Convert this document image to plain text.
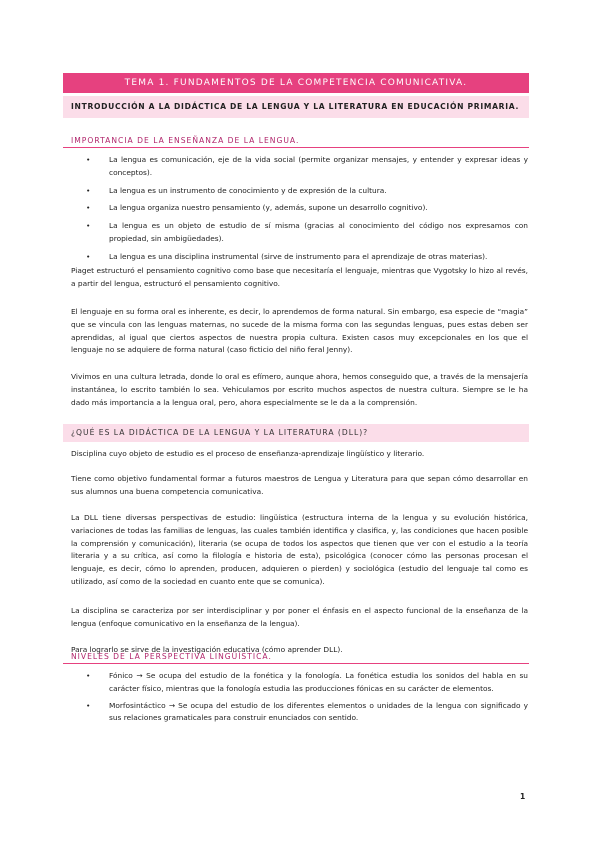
TEMA 1. FUNDAMENTOS DE LA COMPETENCIA COMUNICATIVA.
INTRODUCCIÓN A LA DIDÁCTICA DE LA LENGUA Y LA LITERATURA EN EDUCACIÓN PRIMARIA.
IMPORTANCIA DE LA ENSEÑANZA DE LA LENGUA.
•	La lengua es comunicación, eje de la vida social (permite organizar mensajes, y entender y expresar ideas y conceptos).
•	La lengua es un instrumento de conocimiento y de expresión de la cultura.
•	La lengua organiza nuestro pensamiento (y, además, supone un desarrollo cognitivo).
•	La lengua es un objeto de estudio de sí misma (gracias al conocimiento del código nos expresamos con propiedad, sin ambigüedades).
•	La lengua es una disciplina instrumental (sirve de instrumento para el aprendizaje de otras materias).
Piaget estructuró el pensamiento cognitivo como base que necesitaría el lenguaje, mientras que Vygotsky lo hizo al revés, a partir del lengua, estructuró el pensamiento cognitivo.
El lenguaje en su forma oral es inherente, es decir, lo aprendemos de forma natural. Sin embargo, esa especie de “magia” que se vincula con las lenguas maternas, no sucede de la misma forma con las segundas lenguas, pues estas deben ser aprendidas, al igual que ciertos aspectos de nuestra propia cultura. Existen casos muy excepcionales en los que el lenguaje no se adquiere de forma natural (caso ficticio del niño feral Jenny).
Vivimos en una cultura letrada, donde lo oral es efímero, aunque ahora, hemos conseguido que, a través de la mensajería instantánea, lo escrito también lo sea. Vehiculamos por escrito muchos aspectos de nuestra cultura. Siempre se le ha dado más importancia a la lengua oral, pero, ahora especialmente se le da a la comprensión.
¿QUÉ ES LA DIDÁCTICA DE LA LENGUA Y LA LITERATURA (DLL)?
Disciplina cuyo objeto de estudio es el proceso de enseñanza-aprendizaje lingüístico y literario.
Tiene como objetivo fundamental formar a futuros maestros de Lengua y Literatura para que sepan cómo desarrollar en sus alumnos una buena competencia comunicativa.
La DLL tiene diversas perspectivas de estudio: lingüística (estructura interna de la lengua y su evolución histórica, variaciones de todas las familias de lenguas, las cuales también identifica y clasifica, y, las condiciones que hacen posible la comprensión y comunicación), literaria (se ocupa de todos los aspectos que tienen que ver con el estudio a la teoría literaria y a su crítica, así como la filología e historia de esta), psicológica (conocer cómo las personas procesan el lenguaje, es decir, cómo lo aprenden, producen, adquieren o pierden) y sociológica (estudio del lenguaje tal como es utilizado, así como de la sociedad en cuanto ente que se comunica).
La disciplina se caracteriza por ser interdisciplinar y por poner el énfasis en el aspecto funcional de la enseñanza de la lengua (enfoque comunicativo en la enseñanza de la lengua).
Para lograrlo se sirve de la investigación educativa (cómo aprender DLL).
NIVELES DE LA PERSPECTIVA LINGÜÍSTICA.
•	Fónico → Se ocupa del estudio de la fonética y la fonología. La fonética estudia los sonidos del habla en su carácter físico, mientras que la fonología estudia las producciones fónicas en su carácter de elementos.
•	Morfosintáctico → Se ocupa del estudio de los diferentes elementos o unidades de la lengua con significado y sus relaciones gramaticales para construir enunciados con sentido.
1
